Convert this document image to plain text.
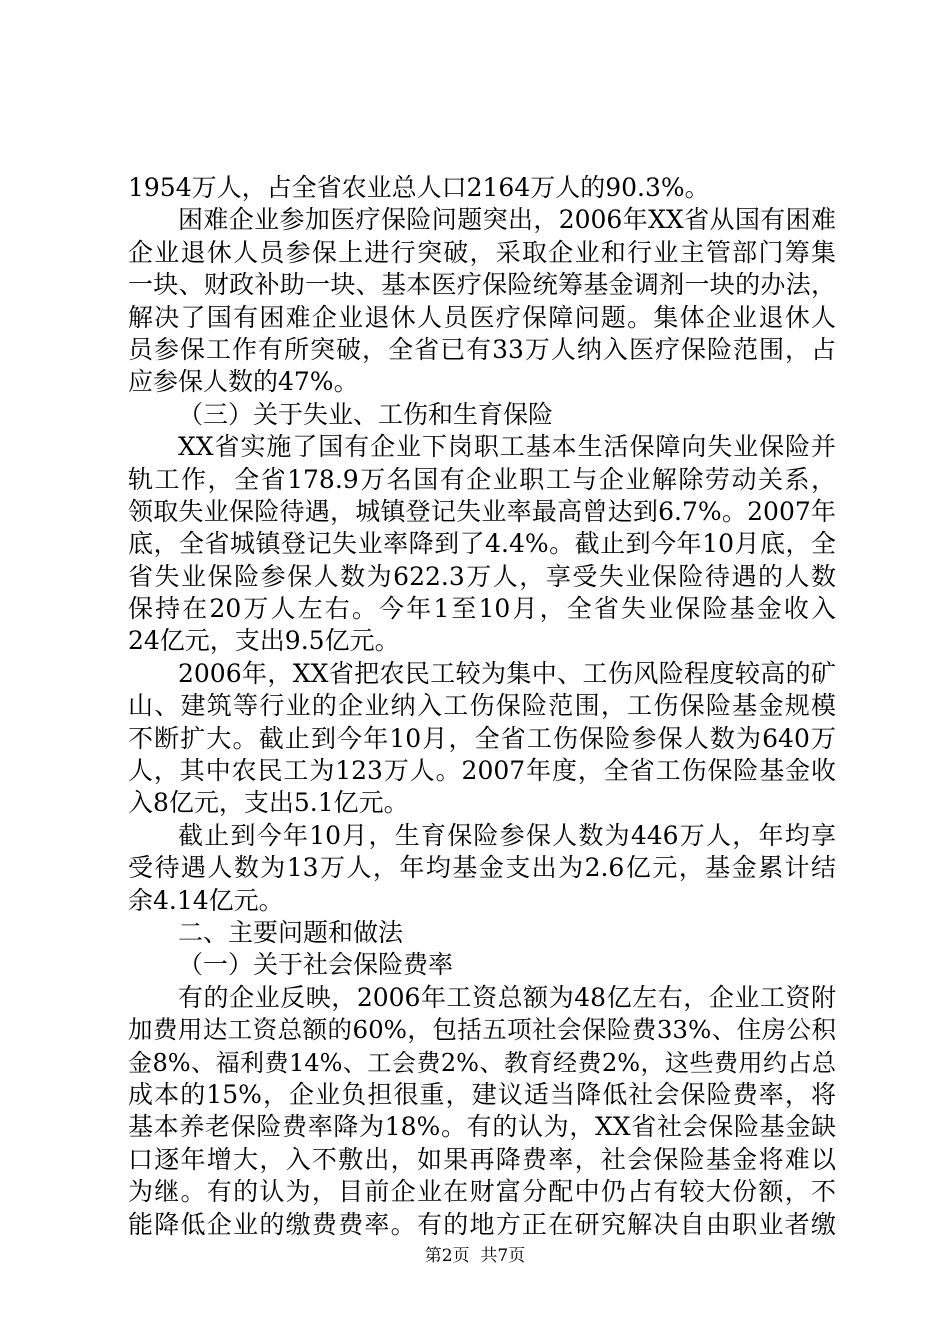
1954万人，占全省农业总人口2164万人的90.3%。
困难企业参加医疗保险问题突出，2006年XX省从国有困难
企业退休人员参保上进行突破，采取企业和行业主管部门筹集
一块、财政补助一块、基本医疗保险统筹基金调剂一块的办法，
解决了国有困难企业退休人员医疗保障问题。集体企业退休人
员参保工作有所突破，全省已有33万人纳入医疗保险范围，占
应参保人数的47%。
（三）关于失业、工伤和生育保险
XX省实施了国有企业下岗职工基本生活保障向失业保险并
轨工作，全省178.9万名国有企业职工与企业解除劳动关系，
领取失业保险待遇，城镇登记失业率最高曾达到6.7%。2007年
底，全省城镇登记失业率降到了4.4%。截止到今年10月底，全
省失业保险参保人数为622.3万人，享受失业保险待遇的人数
保持在20万人左右。今年1至10月，全省失业保险基金收入
24亿元，支出9.5亿元。
2006年，XX省把农民工较为集中、工伤风险程度较高的矿
山、建筑等行业的企业纳入工伤保险范围，工伤保险基金规模
不断扩大。截止到今年10月，全省工伤保险参保人数为640万
人，其中农民工为123万人。2007年度，全省工伤保险基金收
入8亿元，支出5.1亿元。
截止到今年10月，生育保险参保人数为446万人，年均享
受待遇人数为13万人，年均基金支出为2.6亿元，基金累计结
余4.14亿元。
二、主要问题和做法
（一）关于社会保险费率
有的企业反映，2006年工资总额为48亿左右，企业工资附
加费用达工资总额的60%，包括五项社会保险费33%、住房公积
金8%、福利费14%、工会费2%、教育经费2%，这些费用约占总
成本的15%，企业负担很重，建议适当降低社会保险费率，将
基本养老保险费率降为18%。有的认为，XX省社会保险基金缺
口逐年增大，入不敷出，如果再降费率，社会保险基金将难以
为继。有的认为，目前企业在财富分配中仍占有较大份额，不
能降低企业的缴费费率。有的地方正在研究解决自由职业者缴
第2页  共7页
